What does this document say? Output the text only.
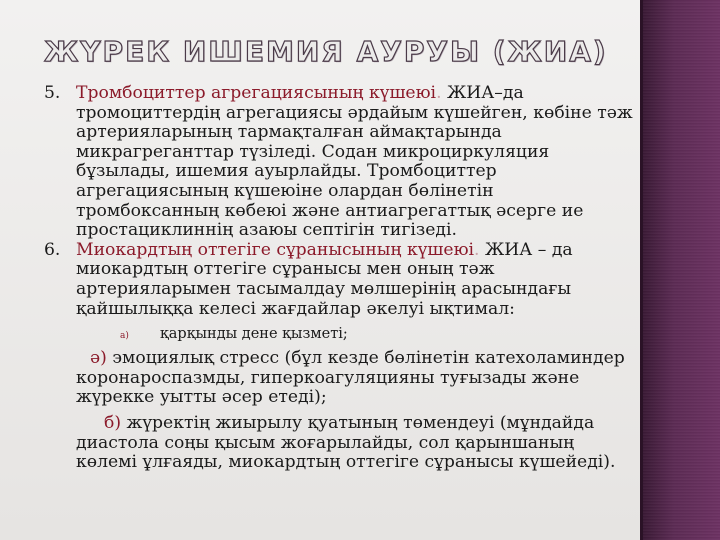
ЖҮРЕК ИШЕМИЯ АУРУЫ (ЖИА)

5. Тромбоциттер агрегациясының күшеюі. ЖИА–да тромоциттердің агрегациясы әрдайым күшейген, көбіне тәж артерияларының тармақталған аймақтарында микрагреганттар түзіледі. Содан микроциркуляция бұзылады, ишемия ауырлайды. Тромбоциттер агрегациясының күшеюіне олардан бөлінетін тромбоксанның көбеюі және антиагрегаттық әсерге ие простациклиннің азаюы септігін тигізеді.

6. Миокардтың оттегіге сұранысының күшеюі. ЖИА – да миокардтың оттегіге сұранысы мен оның тәж артерияларымен тасымалдау мөлшерінің арасындағы қайшылыққа келесі жағдайлар әкелуі ықтимал:

a) қарқынды дене қызметі;

ә) эмоциялық стресс (бұл кезде бөлінетін катехоламиндер коронароспазмды, гиперкоагуляцияны туғызады және жүрекке уытты әсер етеді);

б) жүректің жиырылу қуатының төмендеуі (мұндайда диастола соңы қысым жоғарылайды, сол қарыншаның көлемі ұлғаяды, миокардтың оттегіге сұранысы күшейеді).
